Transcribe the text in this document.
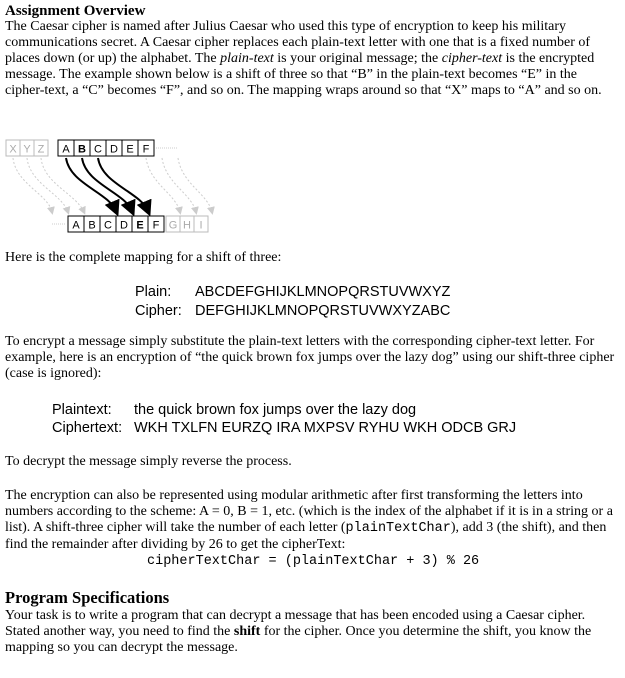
Assignment Overview

The Caesar cipher is named after Julius Caesar who used this type of encryption to keep his military communications secret. A Caesar cipher replaces each plain-text letter with one that is a fixed number of places down (or up) the alphabet. The plain-text is your original message; the cipher-text is the encrypted message. The example shown below is a shift of three so that “B” in the plain-text becomes “E” in the cipher-text, a “C” becomes “F”, and so on. The mapping wraps around so that “X” maps to “A” and so on.

X Y Z A B C D E F
A B C D E F G H I

Here is the complete mapping for a shift of three:

Plain: ABCDEFGHIJKLMNOPQRSTUVWXYZ
Cipher: DEFGHIJKLMNOPQRSTUVWXYZABC

To encrypt a message simply substitute the plain-text letters with the corresponding cipher-text letter. For example, here is an encryption of “the quick brown fox jumps over the lazy dog” using our shift-three cipher (case is ignored):

Plaintext: the quick brown fox jumps over the lazy dog
Ciphertext: WKH TXLFN EURZQ IRA MXPSV RYHU WKH ODCB GRJ

To decrypt the message simply reverse the process.

The encryption can also be represented using modular arithmetic after first transforming the letters into numbers according to the scheme: A = 0, B = 1, etc. (which is the index of the alphabet if it is in a string or a list). A shift-three cipher will take the number of each letter (plainTextChar), add 3 (the shift), and then find the remainder after dividing by 26 to get the cipherText:

cipherTextChar = (plainTextChar + 3) % 26
Program Specifications

Your task is to write a program that can decrypt a message that has been encoded using a Caesar cipher. Stated another way, you need to find the shift for the cipher. Once you determine the shift, you know the mapping so you can decrypt the message.
